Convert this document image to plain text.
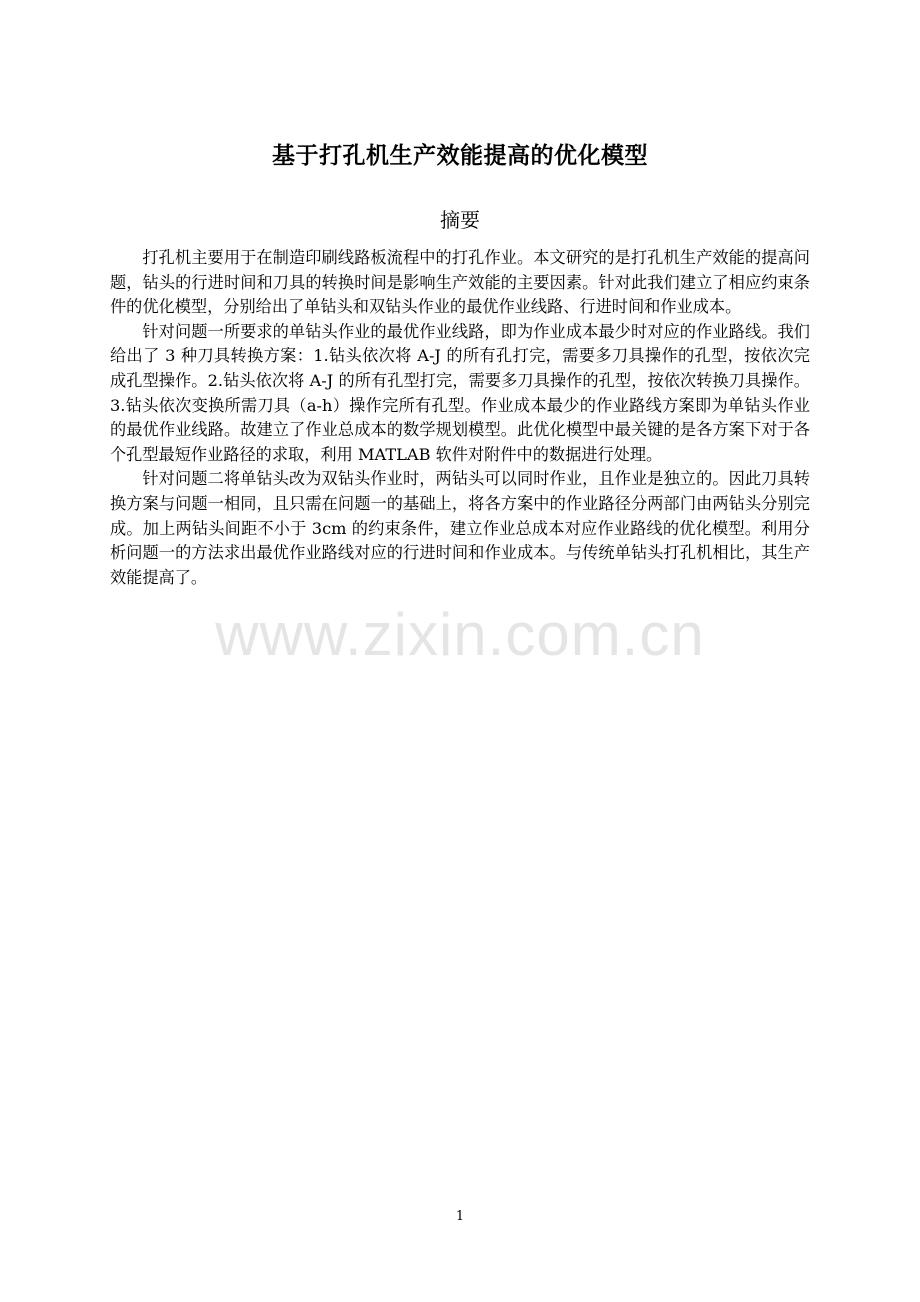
基于打孔机生产效能提高的优化模型
摘要

打孔机主要用于在制造印刷线路板流程中的打孔作业。本文研究的是打孔机生产效能的提高问题，钻头的行进时间和刀具的转换时间是影响生产效能的主要因素。针对此我们建立了相应约束条件的优化模型，分别给出了单钻头和双钻头作业的最优作业线路、行进时间和作业成本。

针对问题一所要求的单钻头作业的最优作业线路，即为作业成本最少时对应的作业路线。我们给出了 3 种刀具转换方案：1.钻头依次将 A-J 的所有孔打完，需要多刀具操作的孔型，按依次完成孔型操作。2.钻头依次将 A-J 的所有孔型打完，需要多刀具操作的孔型，按依次转换刀具操作。3.钻头依次变换所需刀具（a-h）操作完所有孔型。作业成本最少的作业路线方案即为单钻头作业的最优作业线路。故建立了作业总成本的数学规划模型。此优化模型中最关键的是各方案下对于各个孔型最短作业路径的求取，利用 MATLAB 软件对附件中的数据进行处理。

针对问题二将单钻头改为双钻头作业时，两钻头可以同时作业，且作业是独立的。因此刀具转换方案与问题一相同，且只需在问题一的基础上，将各方案中的作业路径分两部门由两钻头分别完成。加上两钻头间距不小于 3cm 的约束条件，建立作业总成本对应作业路线的优化模型。利用分析问题一的方法求出最优作业路线对应的行进时间和作业成本。与传统单钻头打孔机相比，其生产效能提高了。

www.zixin.com.cn
1
